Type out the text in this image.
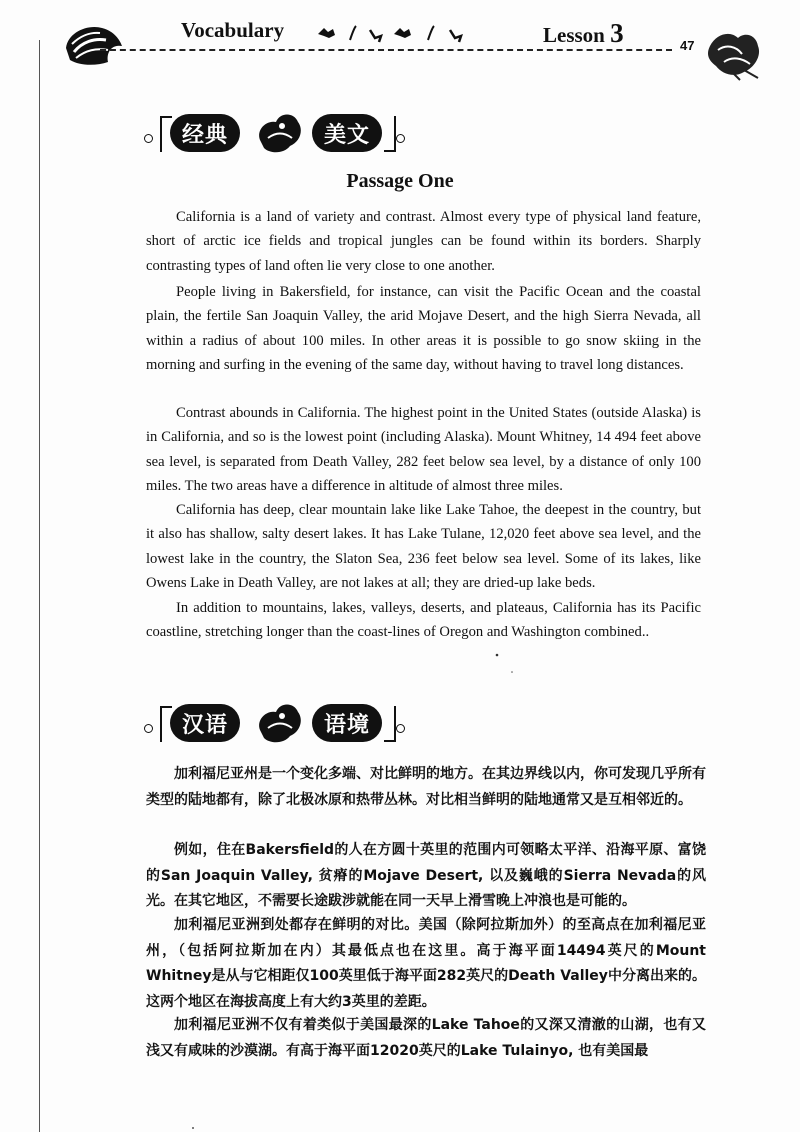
Vocabulary	Lesson 3	47
经典	美文
Passage One

California is a land of variety and contrast. Almost every type of physical land feature, short of arctic ice fields and tropical jungles can be found within its borders. Sharply contrasting types of land often lie very close to one another.

People living in Bakersfield, for instance, can visit the Pacific Ocean and the coastal plain, the fertile San Joaquin Valley, the arid Mojave Desert, and the high Sierra Nevada, all within a radius of about 100 miles. In other areas it is possible to go snow skiing in the morning and surfing in the evening of the same day, without having to travel long distances.

Contrast abounds in California. The highest point in the United States (outside Alaska) is in California, and so is the lowest point (including Alaska). Mount Whitney, 14 494 feet above sea level, is separated from Death Valley, 282 feet below sea level, by a distance of only 100 miles. The two areas have a difference in altitude of almost three miles.

California has deep, clear mountain lake like Lake Tahoe, the deepest in the country, but it also has shallow, salty desert lakes. It has Lake Tulane, 12,020 feet above sea level, and the lowest lake in the country, the Slaton Sea, 236 feet below sea level. Some of its lakes, like Owens Lake in Death Valley, are not lakes at all; they are dried-up lake beds.

In addition to mountains, lakes, valleys, deserts, and plateaus, California has its Pacific coastline, stretching longer than the coast-lines of Oregon and Washington combined..

汉语	语境

加利福尼亚州是一个变化多端、对比鲜明的地方。在其边界线以内，你可发现几乎所有类型的陆地都有，除了北极冰原和热带丛林。对比相当鲜明的陆地通常又是互相邻近的。

例如，住在Bakersfield的人在方圆十英里的范围内可领略太平洋、沿海平原、富饶的San Joaquin Valley, 贫瘠的Mojave Desert, 以及巍峨的Sierra Nevada的风光。在其它地区，不需要长途跋涉就能在同一天早上滑雪晚上冲浪也是可能的。

加利福尼亚洲到处都存在鲜明的对比。美国（除阿拉斯加外）的至高点在加利福尼亚州，（包括阿拉斯加在内）其最低点也在这里。高于海平面14494英尺的Mount Whitney是从与它相距仅100英里低于海平面282英尺的Death Valley中分离出来的。这两个地区在海拔高度上有大约3英里的差距。

加利福尼亚洲不仅有着类似于美国最深的Lake Tahoe的又深又清澈的山湖，也有又浅又有咸味的沙漠湖。有高于海平面12020英尺的Lake Tulainyo, 也有美国最
